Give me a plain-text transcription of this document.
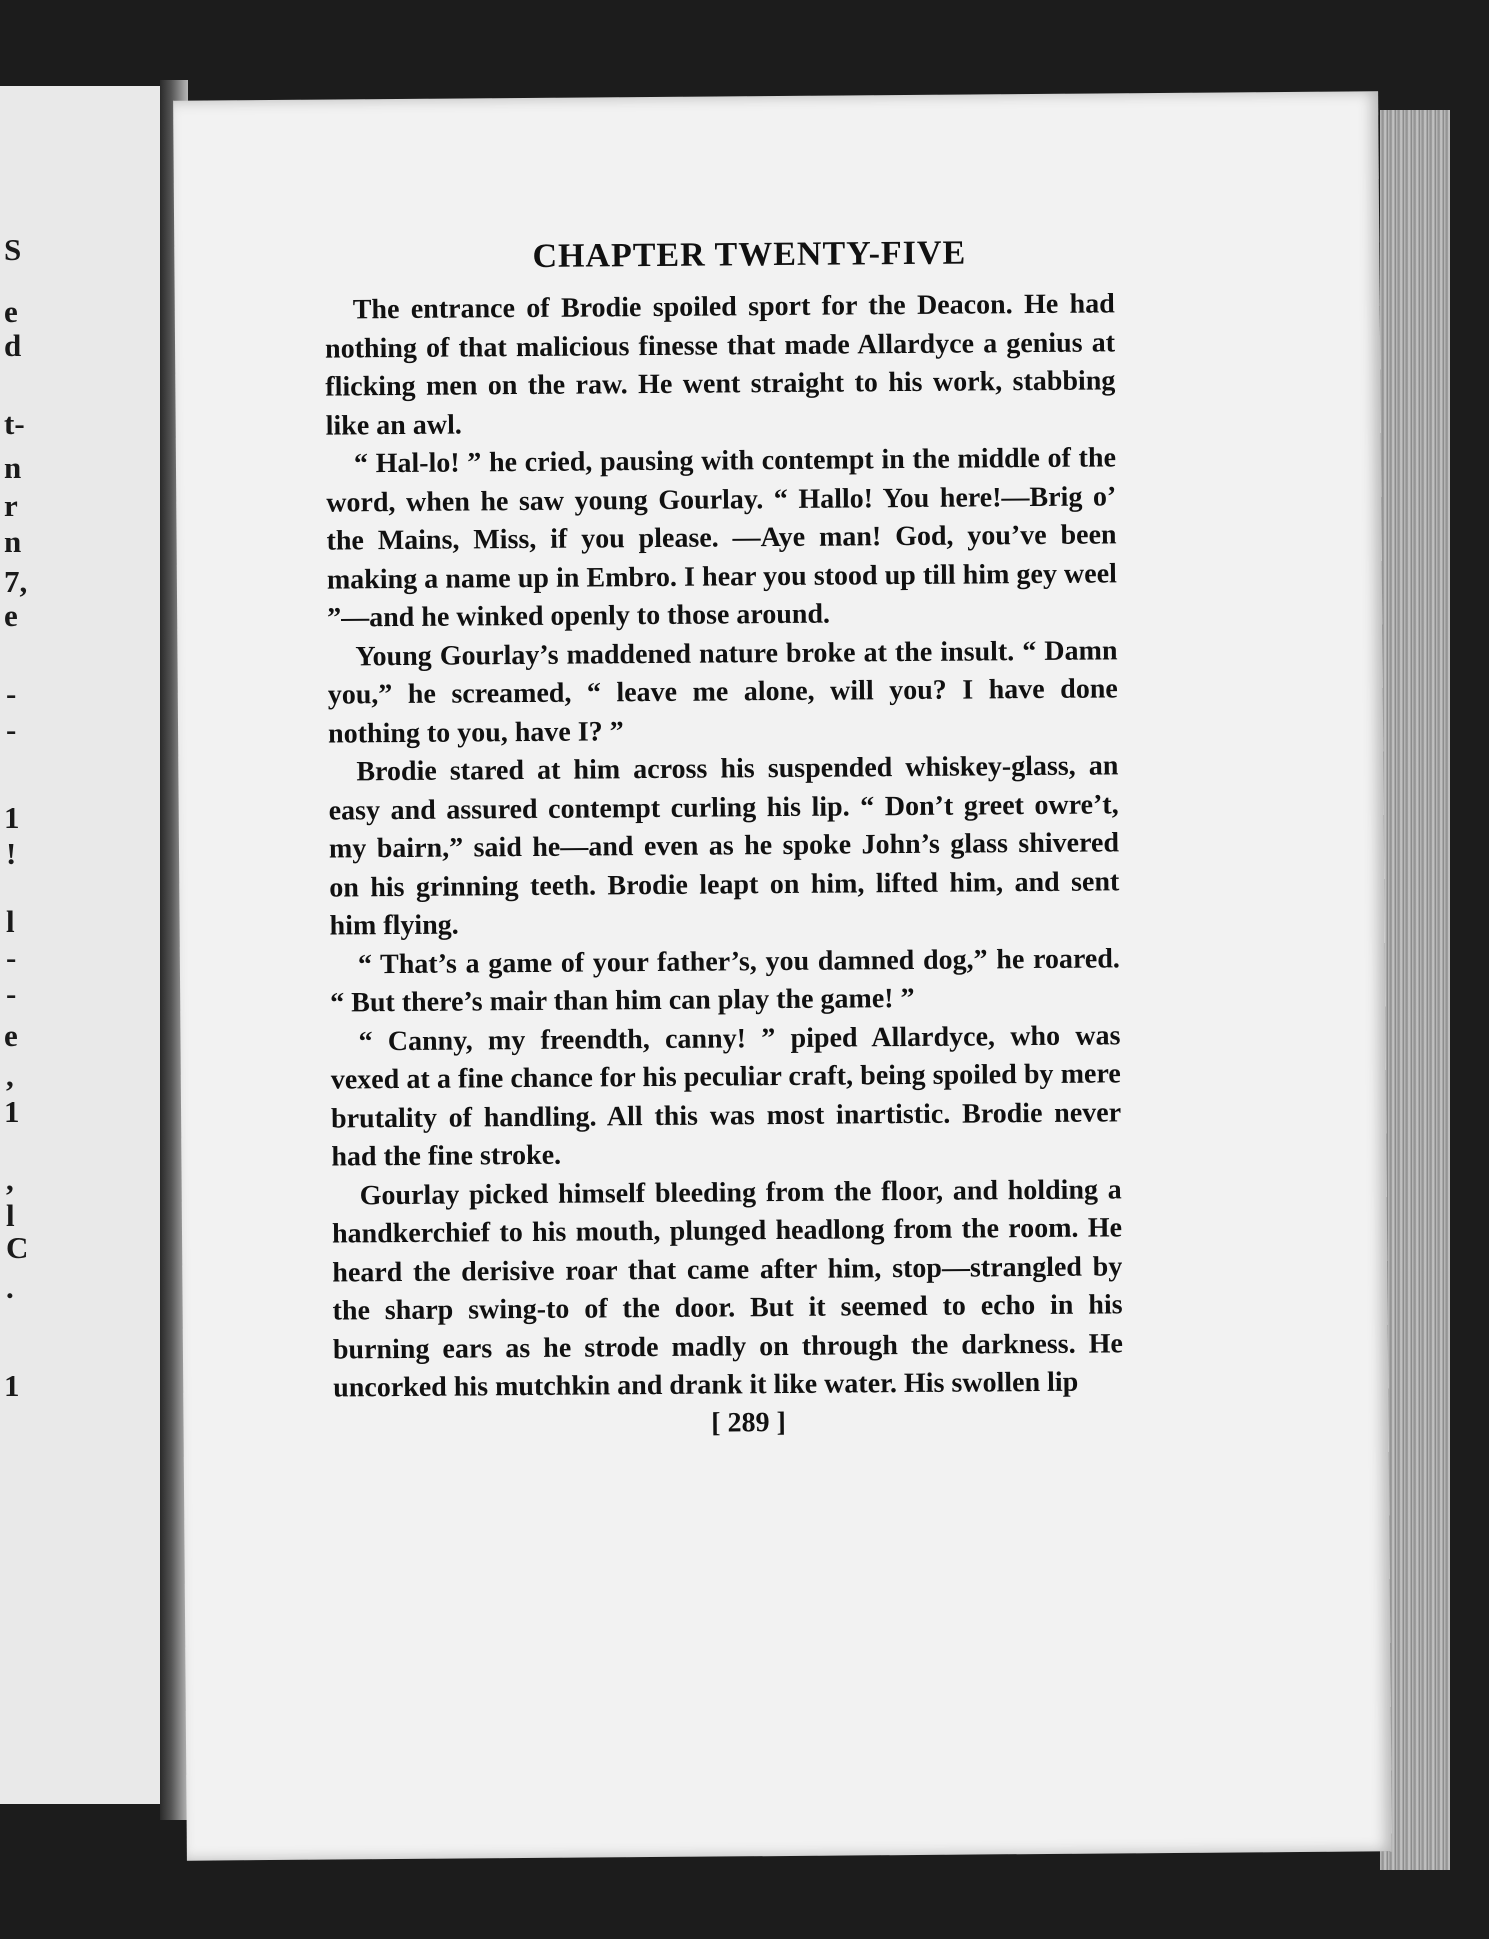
S
e
d
t-
n
r
n
7,
e
-
-
1
!
l
-
-
e
,
1
,
l
C
.
1
CHAPTER TWENTY-FIVE

The entrance of Brodie spoiled sport for the Deacon. He had nothing of that malicious finesse that made Allardyce a genius at flicking men on the raw. He went straight to his work, stabbing like an awl.

“ Hal-lo! ” he cried, pausing with contempt in the middle of the word, when he saw young Gourlay. “ Hallo! You here!—Brig o’ the Mains, Miss, if you please. —Aye man! God, you’ve been making a name up in Embro. I hear you stood up till him gey weel ”—and he winked openly to those around.

Young Gourlay’s maddened nature broke at the insult. “ Damn you,” he screamed, “ leave me alone, will you? I have done nothing to you, have I? ”

Brodie stared at him across his suspended whiskey-glass, an easy and assured contempt curling his lip. “ Don’t greet owre’t, my bairn,” said he—and even as he spoke John’s glass shivered on his grinning teeth. Brodie leapt on him, lifted him, and sent him flying.

“ That’s a game of your father’s, you damned dog,” he roared. “ But there’s mair than him can play the game! ”

“ Canny, my freendth, canny! ” piped Allardyce, who was vexed at a fine chance for his peculiar craft, being spoiled by mere brutality of handling. All this was most inartistic. Brodie never had the fine stroke.

Gourlay picked himself bleeding from the floor, and holding a handkerchief to his mouth, plunged headlong from the room. He heard the derisive roar that came after him, stop—strangled by the sharp swing-to of the door. But it seemed to echo in his burning ears as he strode madly on through the darkness. He uncorked his mutchkin and drank it like water. His swollen lip

[ 289 ]
